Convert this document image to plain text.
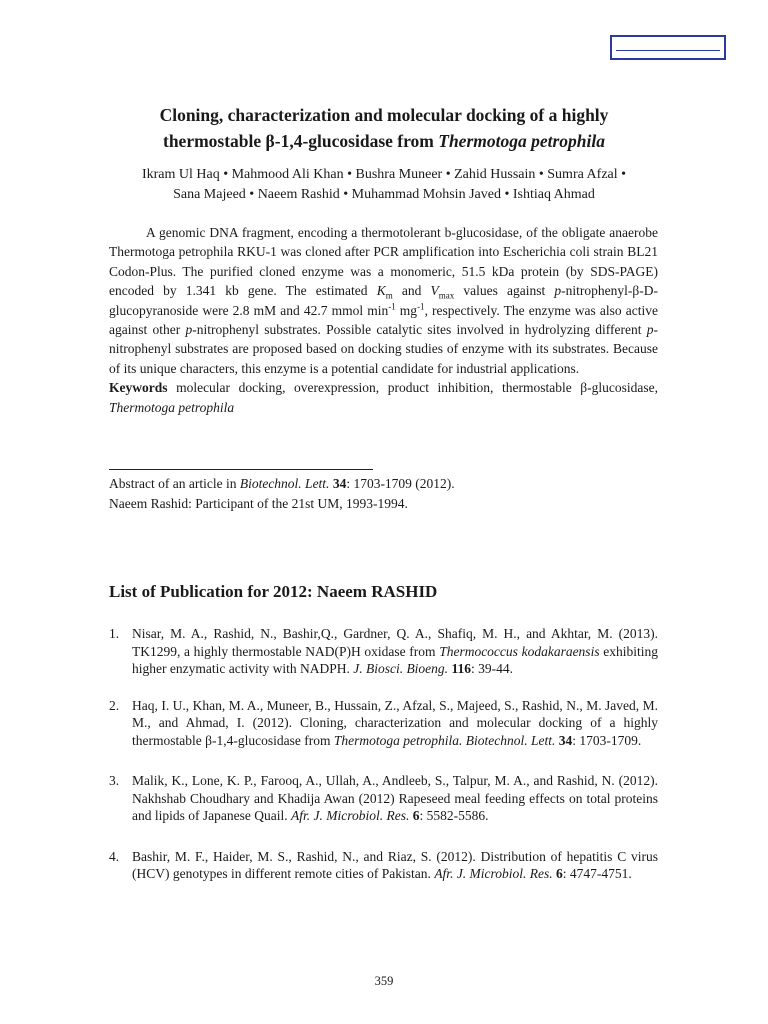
Cloning, characterization and molecular docking of a highly
thermostable β-1,4-glucosidase from Thermotoga petrophila
Ikram Ul Haq • Mahmood Ali Khan • Bushra Muneer • Zahid Hussain • Sumra Afzal •
Sana Majeed • Naeem Rashid • Muhammad Mohsin Javed • Ishtiaq Ahmad

A genomic DNA fragment, encoding a thermotolerant b-glucosidase, of the obligate anaerobe Thermotoga petrophila RKU-1 was cloned after PCR amplification into Escherichia coli strain BL21 Codon-Plus. The purified cloned enzyme was a monomeric, 51.5 kDa protein (by SDS-PAGE) encoded by 1.341 kb gene. The estimated $K_m$ and $V_{max}$ values against p-nitrophenyl-β-D-glucopyranoside were 2.8 mM and 42.7 mmol $\min^{-1} mg^{-1}$, respectively. The enzyme was also active against other p-nitrophenyl substrates. Possible catalytic sites involved in hydrolyzing different p-nitrophenyl substrates are proposed based on docking studies of enzyme with its substrates. Because of its unique characters, this enzyme is a potential candidate for industrial applications.

Keywords molecular docking, overexpression, product inhibition, thermostable β-glucosidase, Thermotoga petrophila

Abstract of an article in Biotechnol. Lett. 34: 1703-1709 (2012).

Naeem Rashid: Participant of the 21st UM, 1993-1994.

List of Publication for 2012: Naeem RASHID
1. Nisar, M. A., Rashid, N., Bashir,Q., Gardner, Q. A., Shafiq, M. H., and Akhtar, M. (2013). TK1299, a highly thermostable NAD(P)H oxidase from Thermococcus kodakaraensis exhibiting higher enzymatic activity with NADPH. J. Biosci. Bioeng. 116: 39-44.
2. Haq, I. U., Khan, M. A., Muneer, B., Hussain, Z., Afzal, S., Majeed, S., Rashid, N., M. Javed, M. M., and Ahmad, I. (2012). Cloning, characterization and molecular docking of a highly thermostable β-1,4-glucosidase from Thermotoga petrophila. Biotechnol. Lett. 34: 1703-1709.
3. Malik, K., Lone, K. P., Farooq, A., Ullah, A., Andleeb, S., Talpur, M. A., and Rashid, N. (2012). Nakhshab Choudhary and Khadija Awan (2012) Rapeseed meal feeding effects on total proteins and lipids of Japanese Quail. Afr. J. Microbiol. Res. 6: 5582-5586.
4. Bashir, M. F., Haider, M. S., Rashid, N., and Riaz, S. (2012). Distribution of hepatitis C virus (HCV) genotypes in different remote cities of Pakistan. Afr. J. Microbiol. Res. 6: 4747-4751.
359
